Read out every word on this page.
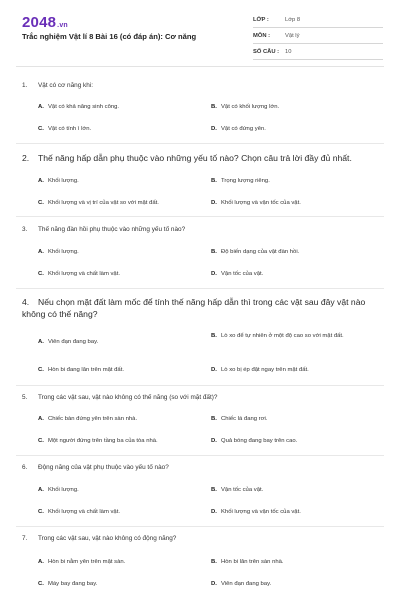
2048.vn
Trắc nghiệm Vật lí 8 Bài 16 (có đáp án): Cơ năng
LỚP :	Lớp 8
MÔN :	Vật lý
SỐ CÂU : 10
1. Vật có cơ năng khi:
A. Vật có khả năng sinh công.	B. Vật có khối lượng lớn.
C. Vật có tính ì lớn.	D. Vật có đứng yên.
2. Thế năng hấp dẫn phụ thuộc vào những yếu tố nào? Chọn câu trả lời đầy đủ nhất.
A. Khối lượng.	B. Trọng lượng riêng.
C. Khối lượng và vị trí của vật so với mặt đất.	D. Khối lượng và vận tốc của vật.
3. Thế năng đàn hồi phụ thuộc vào những yếu tố nào?
A. Khối lượng.	B. Độ biến dạng của vật đàn hồi.
C. Khối lượng và chất làm vật.	D. Vận tốc của vật.
4. Nếu chọn mặt đất làm mốc để tính thế năng hấp dẫn thì trong các vật sau đây vật nào không có thế năng?
A. Viên đạn đang bay.
B. Lò xo để tự nhiên ở một độ cao so với mặt đất.
C. Hòn bi đang lăn trên mặt đất.	D. Lò xo bị ép đặt ngay trên mặt đất.
5. Trong các vật sau, vật nào không có thế năng (so với mặt đất)?
A. Chiếc bàn đứng yên trên sàn nhà.	B. Chiếc lá đang rơi.
C. Một người đứng trên tầng ba của tòa nhà.	D. Quả bóng đang bay trên cao.
6. Động năng của vật phụ thuộc vào yếu tố nào?
A. Khối lượng.	B. Vận tốc của vật.
C. Khối lượng và chất làm vật.	D. Khối lượng và vận tốc của vật.
7. Trong các vật sau, vật nào không có động năng?
A. Hòn bi nằm yên trên mặt sàn.	B. Hòn bi lăn trên sàn nhà.
C. Máy bay đang bay.	D. Viên đạn đang bay.
